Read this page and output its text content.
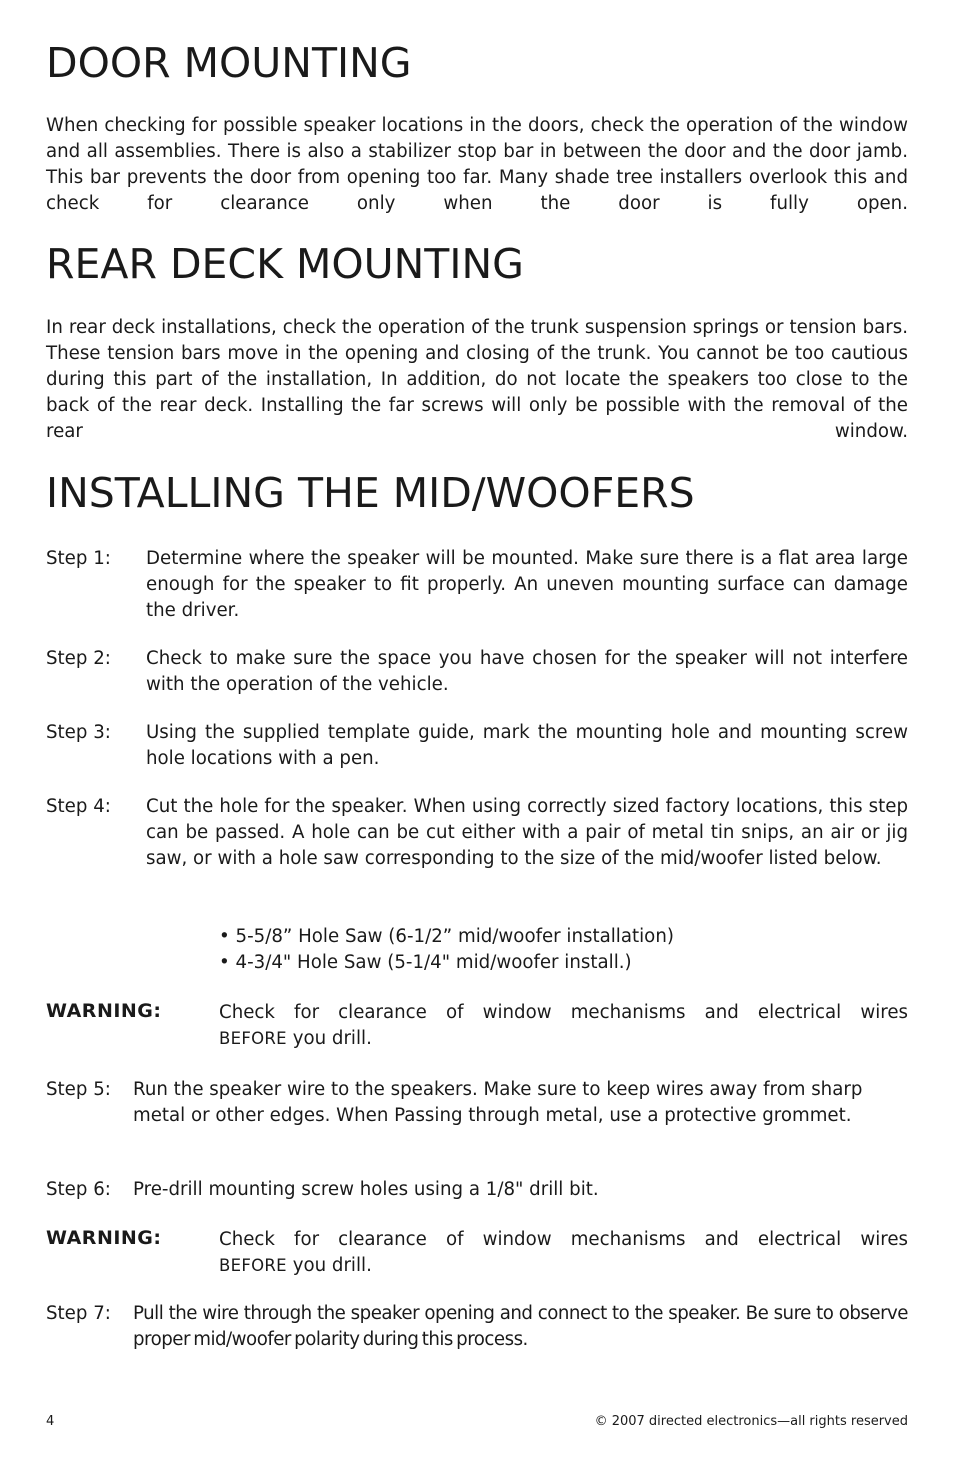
DOOR MOUNTING

When checking for possible speaker locations in the doors, check the operation of the window and all assemblies. There is also a stabilizer stop bar in between the door and the door jamb. This bar prevents the door from opening too far. Many shade tree installers overlook this and check for clearance only when the door is fully open.

REAR DECK MOUNTING

In rear deck installations, check the operation of the trunk suspension springs or tension bars. These tension bars move in the opening and closing of the trunk. You cannot be too cautious during this part of the installation, In addition, do not locate the speakers too close to the back of the rear deck. Installing the far screws will only be possible with the removal of the rear window.

INSTALLING THE MID/WOOFERS
Step 1: Determine where the speaker will be mounted. Make sure there is a flat area large enough for the speaker to fit properly. An uneven mounting surface can damage the driver.
Step 2: Check to make sure the space you have chosen for the speaker will not interfere with the operation of the vehicle.
Step 3: Using the supplied template guide, mark the mounting hole and mounting screw hole locations with a pen.
Step 4: Cut the hole for the speaker. When using correctly sized factory locations, this step can be passed. A hole can be cut either with a pair of metal tin snips, an air or jig saw, or with a hole saw corresponding to the size of the mid/woofer listed below.
• 5-5/8” Hole Saw (6-1/2” mid/woofer installation)
• 4-3/4" Hole Saw (5-1/4" mid/woofer install.)
WARNING:	Check for clearance of window mechanisms and electrical wires
BEFORE you drill.
Step 5: Run the speaker wire to the speakers. Make sure to keep wires away from sharp metal or other edges. When Passing through metal, use a protective grommet.
Step 6: Pre-drill mounting screw holes using a 1/8" drill bit.
WARNING:	Check for clearance of window mechanisms and electrical wires
BEFORE you drill.
Step 7: Pull the wire through the speaker opening and connect to the speaker. Be sure to observe proper mid/woofer polarity during this process.
4	© 2007 directed electronics—all rights reserved
